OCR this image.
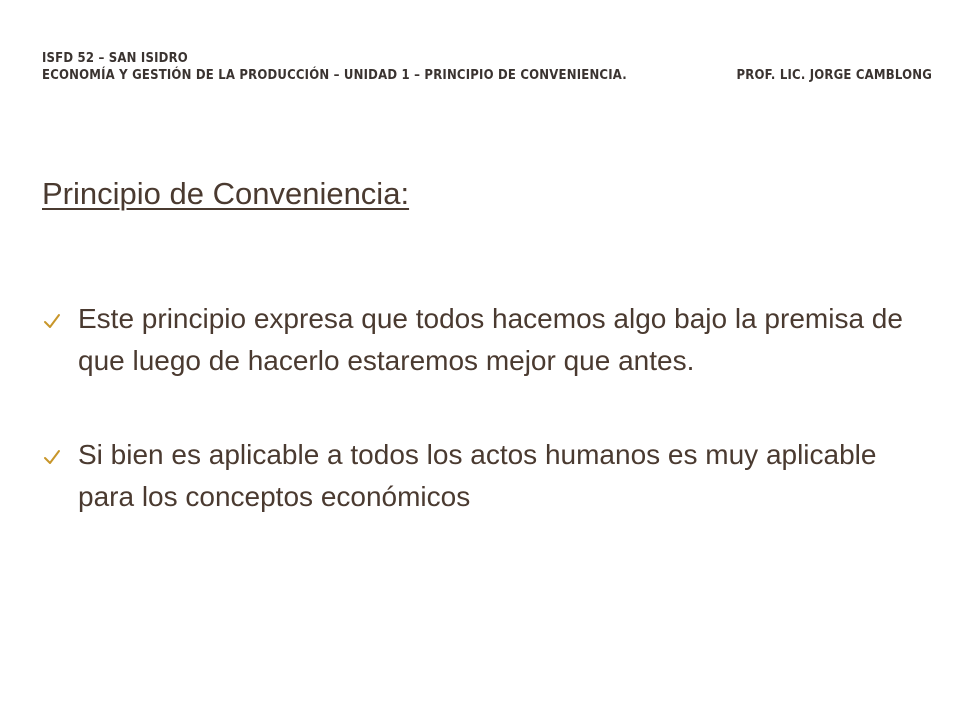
ISFD 52 – SAN ISIDRO
ECONOMÍA Y GESTIÓN DE LA PRODUCCIÓN – UNIDAD 1 – PRINCIPIO DE CONVENIENCIA.	PROF. LIC. JORGE CAMBLONG
Principio de Conveniencia:
Este principio expresa que todos hacemos algo bajo la premisa de que luego de hacerlo estaremos mejor que antes.
Si bien es aplicable a todos los actos humanos es muy aplicable para los conceptos económicos
